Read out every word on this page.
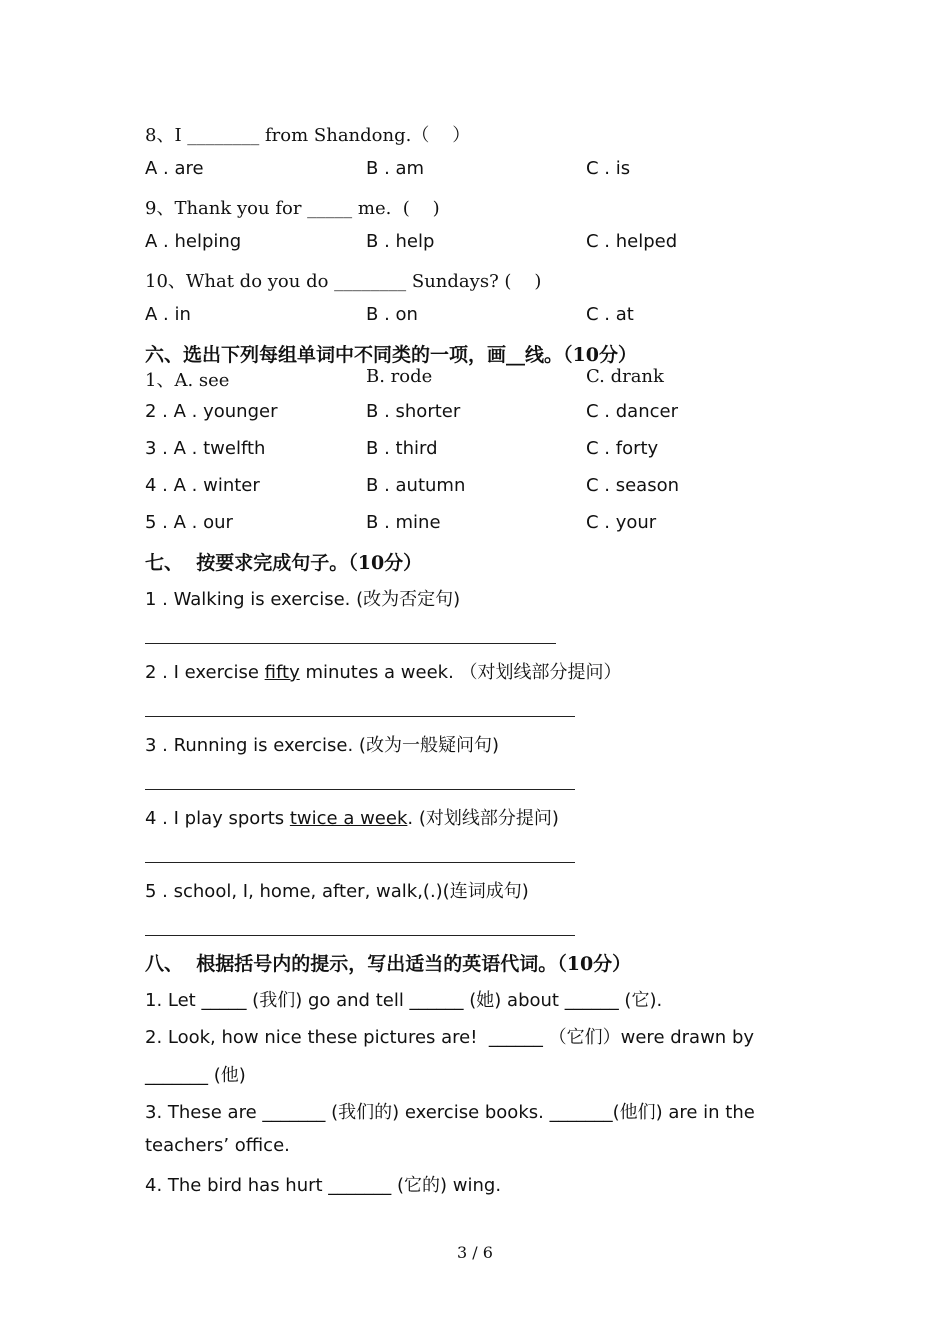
8、I ________ from Shandong.（    ）
A . are	B . am	C . is
9、Thank you for _____ me.  (    )
A . helping	B . help	C . helped
10、What do you do ________ Sundays? (    )
A . in	B . on	C . at
六、选出下列每组单词中不同类的一项，画__线。（10分）
1、A. see	B. rode	C. drank
2 . A . younger	B . shorter	C . dancer
3 . A . twelfth	B . third	C . forty
4 . A . winter	B . autumn	C . season
5 . A . our	B . mine	C . your
七、  按要求完成句子。（10分）
1 . Walking is exercise. (改为否定句)
2 . I exercise fifty minutes a week. （对划线部分提问）
3 . Running is exercise. (改为一般疑问句)
4 . I play sports twice a week. (对划线部分提问)
5 . school, I, home, after, walk,(.)(连词成句)
八、  根据括号内的提示，写出适当的英语代词。（10分）
1. Let _____ (我们) go and tell ______ (她) about ______ (它).
2. Look, how nice these pictures are!  ______ （它们）were drawn by
_______ (他)
3. These are _______ (我们的) exercise books. _______(他们) are in the
teachers’ office.
4. The bird has hurt _______ (它的) wing.
3 / 6
